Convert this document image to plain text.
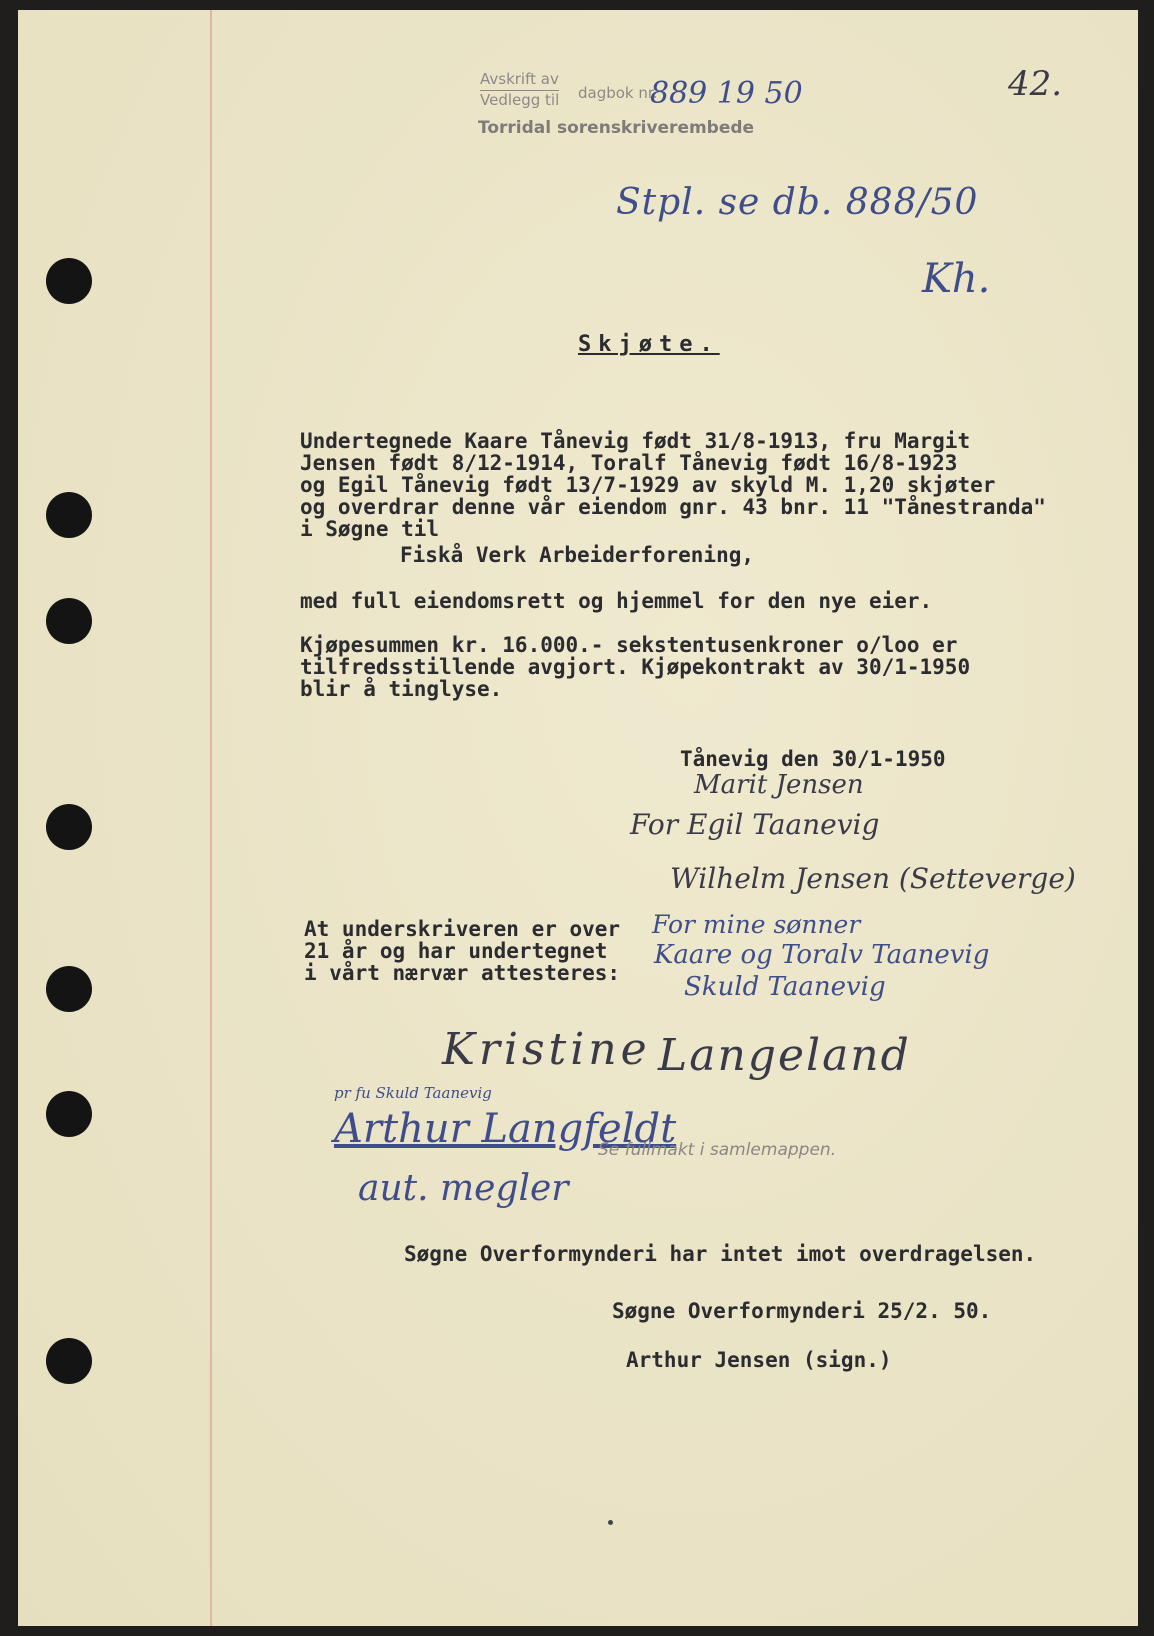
Avskrift av
Vedlegg til dagbok nr.
Torridal sorenskriverembede
889 19 50	42.
Stpl. se db. 888/50
Kh.
Skjøte.
Undertegnede Kaare Tånevig født 31/8-1913, fru Margit
Jensen født 8/12-1914, Toralf Tånevig født 16/8-1923
og Egil Tånevig født 13/7-1929 av skyld M. 1,20 skjøter
og overdrar denne vår eiendom gnr. 43 bnr. 11 "Tånestranda"
i Søgne til
Fiskå Verk Arbeiderforening,
med full eiendomsrett og hjemmel for den nye eier.
Kjøpesummen kr. 16.000.- sekstentusenkroner o/loo er
tilfredsstillende avgjort. Kjøpekontrakt av 30/1-1950
blir å tinglyse.
Tånevig den 30/1-1950
Marit Jensen
For Egil Taanevig
Wilhelm Jensen (Setteverge)
For mine sønner
Kaare og Toralv Taanevig
Skuld Taanevig
At underskriveren er over
21 år og har undertegnet
i vårt nærvær attesteres:
Kristine Langeland
pr fu Skuld Taanevig
Arthur Langfeldt
aut. megler
Se fullmakt i samlemappen.
Søgne Overformynderi har intet imot overdragelsen.
Søgne Overformynderi 25/2. 50.
Arthur Jensen (sign.)
